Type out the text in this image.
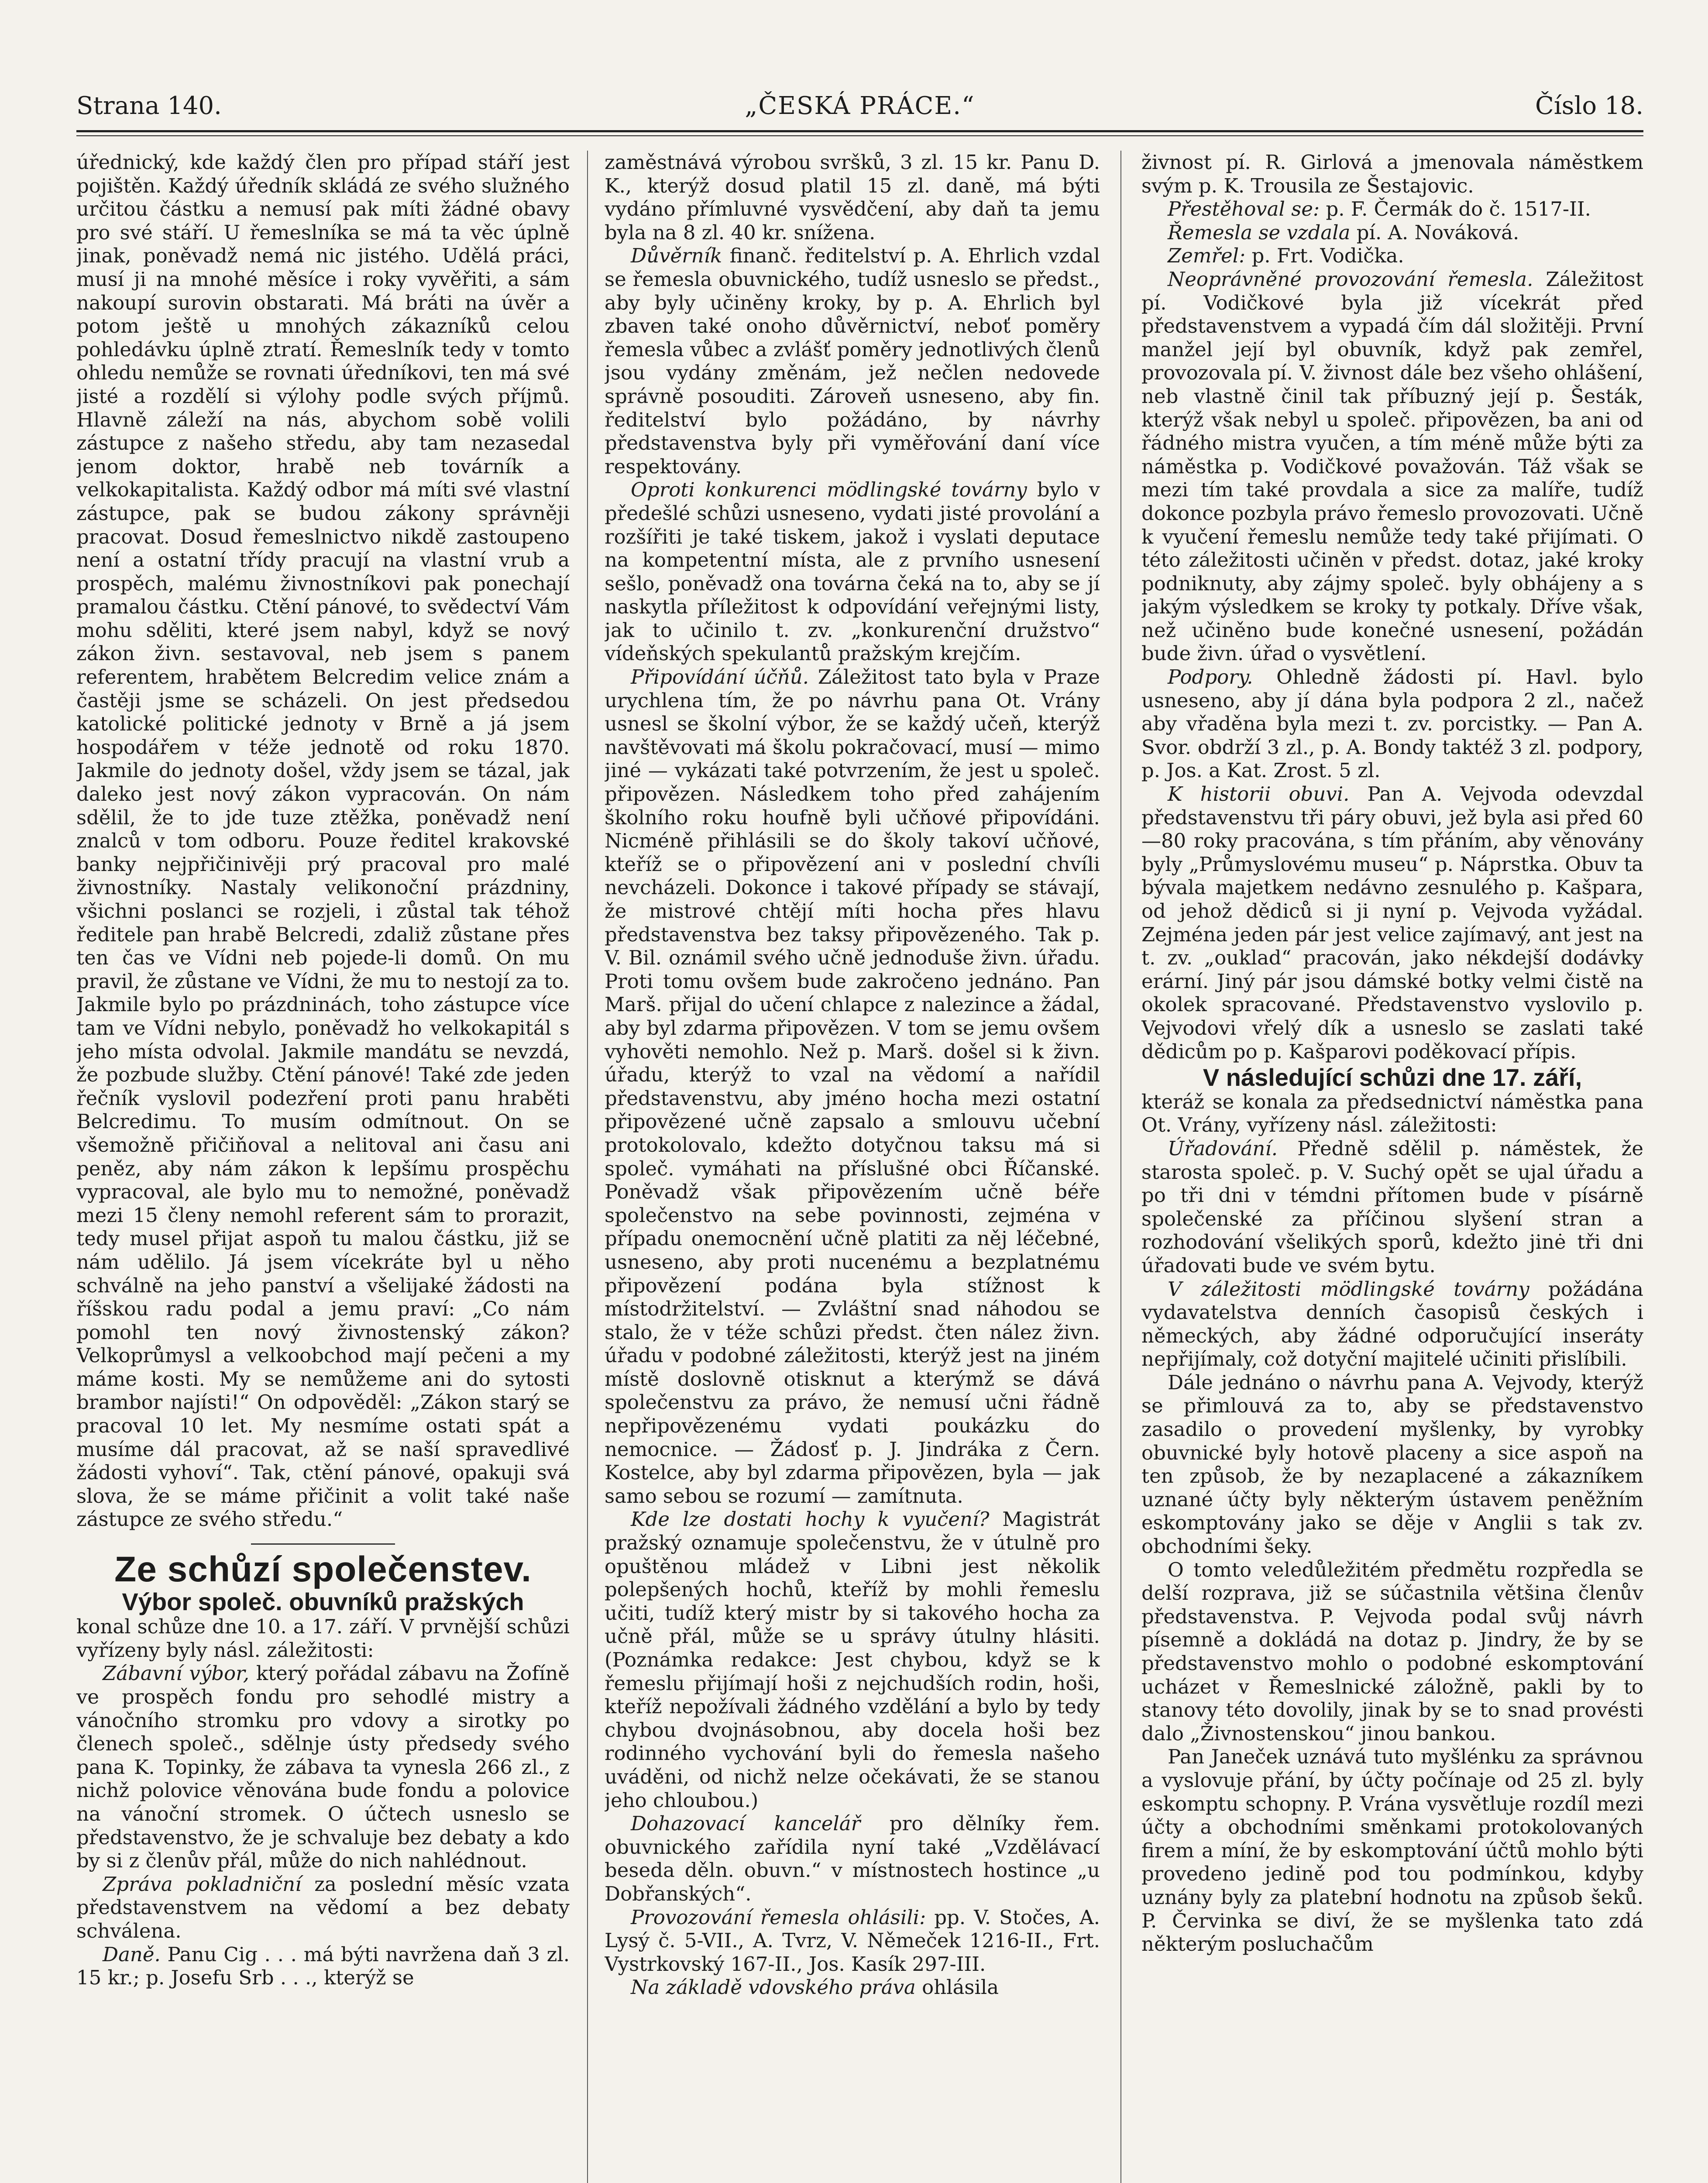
Strana 140.	„ČESKÁ PRÁCE.“	Číslo 18.

úřednický, kde každý člen pro případ stáří jest pojištěn. Každý úředník skládá ze svého služného určitou částku a nemusí pak míti žádné obavy pro své stáří. U řemeslníka se má ta věc úplně jinak, poněvadž nemá nic jistého. Udělá práci, musí ji na mnohé měsíce i roky vyvěřiti, a sám nakoupí surovin obstarati. Má bráti na úvěr a potom ještě u mnohých zákazníků celou pohledávku úplně ztratí. Řemeslník tedy v tomto ohledu nemůže se rovnati úředníkovi, ten má své jisté a rozdělí si výlohy podle svých příjmů. Hlavně záleží na nás, abychom sobě volili zástupce z našeho středu, aby tam nezasedal jenom doktor, hrabě neb továrník a velkokapitalista. Každý odbor má míti své vlastní zástupce, pak se budou zákony správněji pracovat. Dosud řemeslnictvo nikdě zastoupeno není a ostatní třídy pracují na vlastní vrub a prospěch, malému živnostníkovi pak ponechají pramalou částku. Ctění pánové, to svědectví Vám mohu sděliti, které jsem nabyl, když se nový zákon živn. sestavoval, neb jsem s panem referentem, hrabětem Belcredim velice znám a častěji jsme se scházeli. On jest předsedou katolické politické jednoty v Brně a já jsem hospodářem v téže jednotě od roku 1870. Jakmile do jednoty došel, vždy jsem se tázal, jak daleko jest nový zákon vypracován. On nám sdělil, že to jde tuze ztěžka, poněvadž není znalců v tom odboru. Pouze ředitel krakovské banky nejpřičinivěji prý pracoval pro malé živnostníky. Nastaly velikonoční prázdniny, všichni poslanci se rozjeli, i zůstal tak téhož ředitele pan hrabě Belcredi, zdaliž zůstane přes ten čas ve Vídni neb pojede-li domů. On mu pravil, že zůstane ve Vídni, že mu to nestojí za to. Jakmile bylo po prázdninách, toho zástupce více tam ve Vídni nebylo, poněvadž ho velkokapitál s jeho místa odvolal. Jakmile mandátu se nevzdá, že pozbude služby. Ctění pánové! Také zde jeden řečník vyslovil podezření proti panu hraběti Belcredimu. To musím odmítnout. On se všemožně přičiňoval a nelitoval ani času ani peněz, aby nám zákon k lepšímu prospěchu vypracoval, ale bylo mu to nemožné, poněvadž mezi 15 členy nemohl referent sám to prorazit, tedy musel přijat aspoň tu malou částku, již se nám udělilo. Já jsem vícekráte byl u něho schválně na jeho panství a všelijaké žádosti na říšskou radu podal a jemu praví: „Co nám pomohl ten nový živnostenský zákon? Velkoprůmysl a velkoobchod mají pečeni a my máme kosti. My se nemůžeme ani do sytosti brambor najísti!“ On odpověděl: „Zákon starý se pracoval 10 let. My nesmíme ostati spát a musíme dál pracovat, až se naší spravedlivé žádosti vyhoví“. Tak, ctění pánové, opakuji svá slova, že se máme přičinit a volit také naše zástupce ze svého středu.“

Ze schůzí společenstev.
Výbor společ. obuvníků pražských

konal schůze dne 10. a 17. září. V prvnější schůzi vyřízeny byly násl. záležitosti:

Zábavní výbor, který pořádal zábavu na Žofíně ve prospěch fondu pro sehodlé mistry a vánočního stromku pro vdovy a sirotky po členech společ., sdělnje ústy předsedy svého pana K. Topinky, že zábava ta vynesla 266 zl., z nichž polovice věnována bude fondu a polovice na vánoční stromek. O účtech usneslo se představenstvo, že je schvaluje bez debaty a kdo by si z členův přál, může do nich nahlédnout.

Zpráva pokladniční za poslední měsíc vzata představenstvem na vědomí a bez debaty schválena.

Daně. Panu Cig . . . má býti navržena daň 3 zl. 15 kr.; p. Josefu Srb . . ., kterýž se

zaměstnává výrobou svršků, 3 zl. 15 kr. Panu D. K., kterýž dosud platil 15 zl. daně, má býti vydáno přímluvné vysvědčení, aby daň ta jemu byla na 8 zl. 40 kr. snížena.

Důvěrník finanč. ředitelství p. A. Ehrlich vzdal se řemesla obuvnického, tudíž usneslo se předst., aby byly učiněny kroky, by p. A. Ehrlich byl zbaven také onoho důvěrnictví, neboť poměry řemesla vůbec a zvlášť poměry jednotlivých členů jsou vydány změnám, jež nečlen nedovede správně posouditi. Zároveň usneseno, aby fin. ředitelství bylo požádáno, by návrhy představenstva byly při vyměřování daní více respektovány.

Oproti konkurenci mödlingské továrny bylo v předešlé schůzi usneseno, vydati jisté provolání a rozšířiti je také tiskem, jakož i vyslati deputace na kompetentní místa, ale z prvního usnesení sešlo, poněvadž ona továrna čeká na to, aby se jí naskytla příležitost k odpovídání veřejnými listy, jak to učinilo t. zv. „konkurenční družstvo“ vídeňských spekulantů pražským krejčím.

Připovídání účňů. Záležitost tato byla v Praze urychlena tím, že po návrhu pana Ot. Vrány usnesl se školní výbor, že se každý učeň, kterýž navštěvovati má školu pokračovací, musí — mimo jiné — vykázati také potvrzením, že jest u společ. připovězen. Následkem toho před zahájením školního roku houfně byli učňové připovídáni. Nicméně přihlásili se do školy takoví učňové, kteříž se o připovězení ani v poslední chvíli nevcházeli. Dokonce i takové případy se stávají, že mistrové chtějí míti hocha přes hlavu představenstva bez taksy připovězeného. Tak p. V. Bil. oznámil svého učně jednoduše živn. úřadu. Proti tomu ovšem bude zakročeno jednáno. Pan Marš. přijal do učení chlapce z nalezince a žádal, aby byl zdarma připovězen. V tom se jemu ovšem vyhověti nemohlo. Než p. Marš. došel si k živn. úřadu, kterýž to vzal na vědomí a nařídil představenstvu, aby jméno hocha mezi ostatní připovězené učně zapsalo a smlouvu učební protokolovalo, kdežto dotyčnou taksu má si společ. vymáhati na příslušné obci Říčanské. Poněvadž však připovězením učně béře společenstvo na sebe povinnosti, zejména v případu onemocnění učně platiti za něj léčebné, usneseno, aby proti nucenému a bezplatnému připovězení podána byla stížnost k místodržitelství. — Zvláštní snad náhodou se stalo, že v téže schůzi předst. čten nález živn. úřadu v podobné záležitosti, kterýž jest na jiném místě doslovně otisknut a kterýmž se dává společenstvu za právo, že nemusí učni řádně nepřipovězenému vydati poukázku do nemocnice. — Žádosť p. J. Jindráka z Čern. Kostelce, aby byl zdarma připovězen, byla — jak samo sebou se rozumí — zamítnuta.

Kde lze dostati hochy k vyučení? Magistrát pražský oznamuje společenstvu, že v útulně pro opuštěnou mládež v Libni jest několik polepšených hochů, kteříž by mohli řemeslu učiti, tudíž který mistr by si takového hocha za učně přál, může se u správy útulny hlásiti. (Poznámka redakce: Jest chybou, když se k řemeslu přijímají hoši z nejchudších rodin, hoši, kteříž nepožívali žádného vzdělání a bylo by tedy chybou dvojnásobnou, aby docela hoši bez rodinného vychování byli do řemesla našeho uváděni, od nichž nelze očekávati, že se stanou jeho chloubou.)

Dohazovací kancelář pro dělníky řem. obuvnického zařídila nyní také „Vzdělávací beseda děln. obuvn.“ v místnostech hostince „u Dobřanských“.

Provozování řemesla ohlásili: pp. V. Stočes, A. Lysý č. 5-VII., A. Tvrz, V. Němeček 1216-II., Frt. Vystrkovský 167-II., Jos. Kasík 297-III.

Na základě vdovského práva ohlásila

živnost pí. R. Girlová a jmenovala náměstkem svým p. K. Trousila ze Šestajovic.

Přestěhoval se: p. F. Čermák do č. 1517-II.

Řemesla se vzdala pí. A. Nováková.

Zemřel: p. Frt. Vodička.

Neoprávněné provozování řemesla. Záležitost pí. Vodičkové byla již vícekrát před představenstvem a vypadá čím dál složitěji. První manžel její byl obuvník, když pak zemřel, provozovala pí. V. živnost dále bez všeho ohlášení, neb vlastně činil tak příbuzný její p. Šesták, kterýž však nebyl u společ. připovězen, ba ani od řádného mistra vyučen, a tím méně může býti za náměstka p. Vodičkové považován. Táž však se mezi tím také provdala a sice za malíře, tudíž dokonce pozbyla právo řemeslo provozovati. Učně k vyučení řemeslu nemůže tedy také přijímati. O této záležitosti učiněn v předst. dotaz, jaké kroky podniknuty, aby zájmy společ. byly obhájeny a s jakým výsledkem se kroky ty potkaly. Dříve však, než učiněno bude konečné usnesení, požádán bude živn. úřad o vysvětlení.

Podpory. Ohledně žádosti pí. Havl. bylo usneseno, aby jí dána byla podpora 2 zl., načež aby vřaděna byla mezi t. zv. porcistky. — Pan A. Svor. obdrží 3 zl., p. A. Bondy taktéž 3 zl. podpory, p. Jos. a Kat. Zrost. 5 zl.

K historii obuvi. Pan A. Vejvoda odevzdal představenstvu tři páry obuvi, jež byla asi před 60—80 roky pracována, s tím přáním, aby věnovány byly „Průmyslovému museu“ p. Náprstka. Obuv ta bývala majetkem nedávno zesnulého p. Kašpara, od jehož dědiců si ji nyní p. Vejvoda vyžádal. Zejména jeden pár jest velice zajímavý, ant jest na t. zv. „ouklad“ pracován, jako nékdejší dodávky erární. Jiný pár jsou dámské botky velmi čistě na okolek spracované. Představenstvo vyslovilo p. Vejvodovi vřelý dík a usneslo se zaslati také dědicům po p. Kašparovi poděkovací přípis.

V následující schůzi dne 17. září,

kteráž se konala za předsednictví náměstka pana Ot. Vrány, vyřízeny násl. záležitosti:

Úřadování. Předně sdělil p. náměstek, že starosta společ. p. V. Suchý opět se ujal úřadu a po tři dni v témdni přítomen bude v písárně společenské za příčinou slyšení stran a rozhodování všelikých sporů, kdežto jinė tři dni úřadovati bude ve svém bytu.

V záležitosti mödlingské továrny požádána vydavatelstva denních časopisů českých i německých, aby žádné odporučující inseráty nepřijímaly, což dotyční majitelé učiniti přislíbili.

Dále jednáno o návrhu pana A. Vejvody, kterýž se přimlouvá za to, aby se představenstvo zasadilo o provedení myšlenky, by vyrobky obuvnické byly hotově placeny a sice aspoň na ten způsob, že by nezaplacené a zákazníkem uznané účty byly některým ústavem peněžním eskomptovány jako se děje v Anglii s tak zv. obchodními šeky.

O tomto veledůležitém předmětu rozpředla se delší rozprava, již se súčastnila většina členův představenstva. P. Vejvoda podal svůj návrh písemně a dokládá na dotaz p. Jindry, že by se představenstvo mohlo o podobné eskomptování ucházet v Řemeslnické záložně, pakli by to stanovy této dovolily, jinak by se to snad provésti dalo „Živnostenskou“ jinou bankou.

Pan Janeček uznává tuto myšlénku za správnou a vyslovuje přání, by účty počínaje od 25 zl. byly eskomptu schopny. P. Vrána vysvětluje rozdíl mezi účty a obchodními směnkami protokolovaných firem a míní, že by eskomptování účtů mohlo býti provedeno jedině pod tou podmínkou, kdyby uznány byly za platební hodnotu na způsob šeků. P. Červinka se diví, že se myšlenka tato zdá některým posluchačům
